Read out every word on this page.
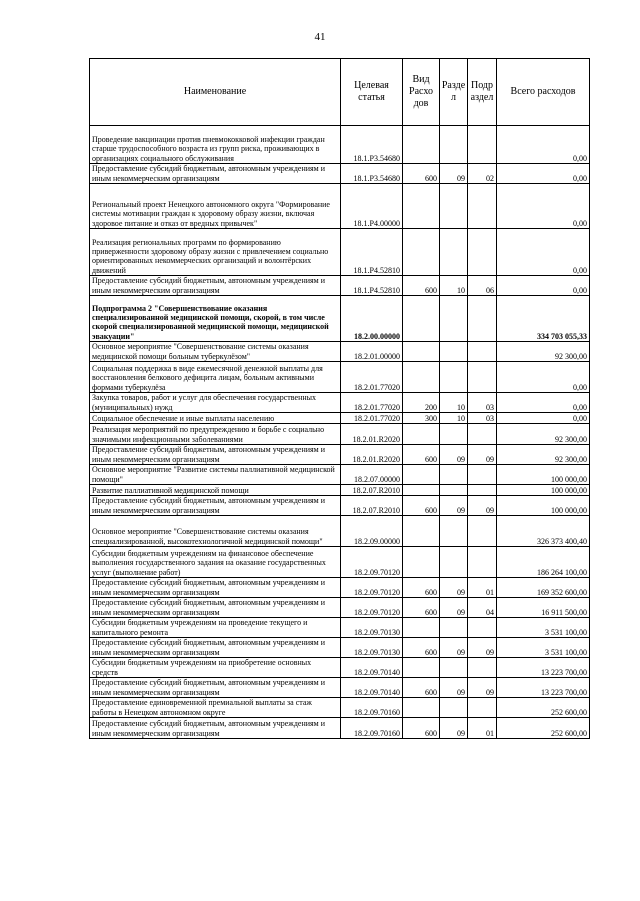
41
Наименование	Целевая статья	Вид Расхо дов	Разде л	Подр аздел	Всего расходов
Проведение вакцинации против пневмококковой инфекции граждан старше трудоспособного возраста из групп риска, проживающих в организациях социального обслуживания	18.1.P3.54680				0,00
Предоставление субсидий бюджетным, автономным учреждениям и иным некоммерческим организациям	18.1.P3.54680	600	09	02	0,00
Региональный проект Ненецкого автономного округа "Формирование системы мотивации граждан к здоровому образу жизни, включая здоровое питание и отказ от вредных привычек"	18.1.P4.00000				0,00
Реализация региональных программ по формированию приверженности здоровому образу жизни с привлечением социально ориентированных некоммерческих организаций и волонтёрских движений	18.1.P4.52810				0,00
Предоставление субсидий бюджетным, автономным учреждениям и иным некоммерческим организациям	18.1.P4.52810	600	10	06	0,00
Подпрограмма 2 "Совершенствование оказания специализированной медицинской помощи, скорой, в том числе скорой специализированной медицинской помощи, медицинской эвакуации"	18.2.00.00000				334 703 055,33
Основное мероприятие "Совершенствование системы оказания медицинской помощи больным туберкулёзом"	18.2.01.00000				92 300,00
Социальная поддержка в виде ежемесячной денежной выплаты для восстановления белкового дефицита лицам, больным активными формами туберкулёза	18.2.01.77020				0,00
Закупка товаров, работ и услуг для обеспечения государственных (муниципальных) нужд	18.2.01.77020	200	10	03	0,00
Социальное обеспечение и иные выплаты населению	18.2.01.77020	300	10	03	0,00
Реализация мероприятий по предупреждению и борьбе с социально значимыми инфекционными заболеваниями	18.2.01.R2020				92 300,00
Предоставление субсидий бюджетным, автономным учреждениям и иным некоммерческим организациям	18.2.01.R2020	600	09	09	92 300,00
Основное мероприятие "Развитие системы паллиативной медицинской помощи"	18.2.07.00000				100 000,00
Развитие паллиативной медицинской помощи	18.2.07.R2010				100 000,00
Предоставление субсидий бюджетным, автономным учреждениям и иным некоммерческим организациям	18.2.07.R2010	600	09	09	100 000,00
Основное мероприятие "Совершенствование системы оказания специализированной, высокотехнологичной медицинской помощи"	18.2.09.00000				326 373 400,40
Субсидии бюджетным учреждениям на финансовое обеспечение выполнения государственного задания на оказание государственных услуг (выполнение работ)	18.2.09.70120				186 264 100,00
Предоставление субсидий бюджетным, автономным учреждениям и иным некоммерческим организациям	18.2.09.70120	600	09	01	169 352 600,00
Предоставление субсидий бюджетным, автономным учреждениям и иным некоммерческим организациям	18.2.09.70120	600	09	04	16 911 500,00
Субсидии бюджетным учреждениям на проведение текущего и капитального ремонта	18.2.09.70130				3 531 100,00
Предоставление субсидий бюджетным, автономным учреждениям и иным некоммерческим организациям	18.2.09.70130	600	09	09	3 531 100,00
Субсидии бюджетным учреждениям на приобретение основных средств	18.2.09.70140				13 223 700,00
Предоставление субсидий бюджетным, автономным учреждениям и иным некоммерческим организациям	18.2.09.70140	600	09	09	13 223 700,00
Предоставление единовременной премиальной выплаты за стаж работы в Ненецком автономном округе	18.2.09.70160				252 600,00
Предоставление субсидий бюджетным, автономным учреждениям и иным некоммерческим организациям	18.2.09.70160	600	09	01	252 600,00
